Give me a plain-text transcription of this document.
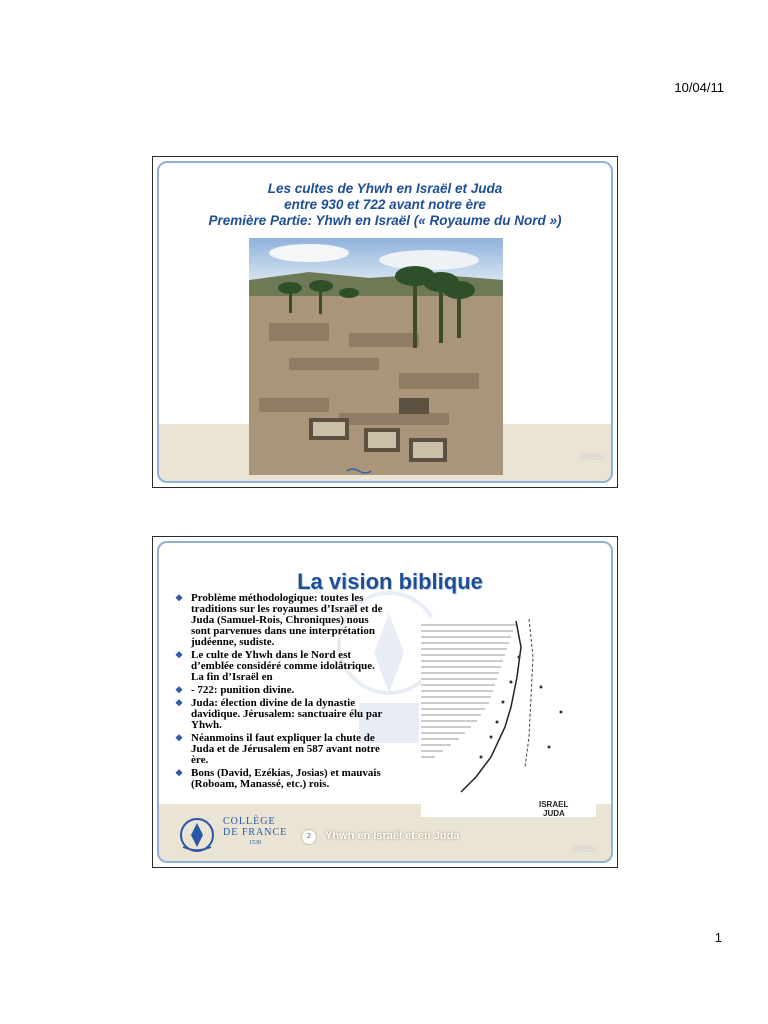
10/04/11
Les cultes de Yhwh en Israël et Juda
entre 930 et 722 avant notre ère
Première Partie: Yhwh en Israël (« Royaume du Nord »)
10/04/11
La vision biblique
❖ Problème méthodologique: toutes les traditions sur les royaumes d’Israël et de Juda (Samuel-Rois, Chroniques) nous sont parvenues dans une interprétation judéenne, sudiste.
❖ Le culte de Yhwh dans le Nord est d’emblée considéré comme idolâtrique. La fin d’Israël en
❖ - 722: punition divine.
❖ Juda: élection divine de la dynastie davidique. Jérusalem: sanctuaire élu par Yhwh.
❖ Néanmoins il faut expliquer la chute de Juda et de Jérusalem en 587 avant notre ère.
❖ Bons (David, Ezékias, Josias) et mauvais (Roboam, Manassé, etc.) rois.
ISRAEL
JUDA
COLLÈGE
DE FRANCE
1530
2	Yhwh en Israël et en Juda
10/04/11
1
